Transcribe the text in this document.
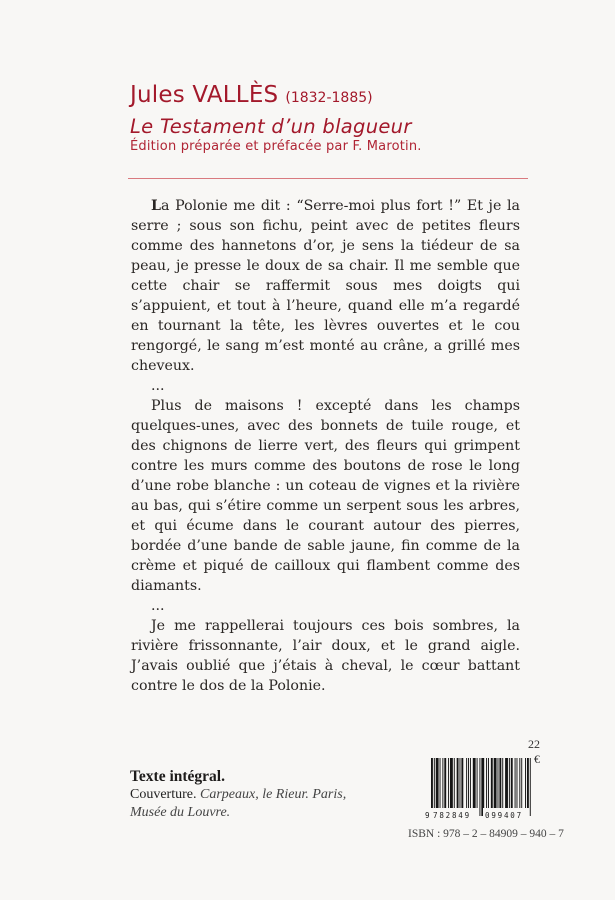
Jules VALLÈS (1832-1885)
Le Testament d’un blagueur
Édition préparée et préfacée par F. Marotin.

La Polonie me dit : “Serre-moi plus fort !” Et je la serre ; sous son fichu, peint avec de petites fleurs comme des hannetons d’or, je sens la tiédeur de sa peau, je presse le doux de sa chair. Il me semble que cette chair se raffermit sous mes doigts qui s’appuient, et tout à l’heure, quand elle m’a regardé en tournant la tête, les lèvres ouvertes et le cou rengorgé, le sang m’est monté au crâne, a grillé mes cheveux.

...

Plus de maisons ! excepté dans les champs quelques-unes, avec des bonnets de tuile rouge, et des chignons de lierre vert, des fleurs qui grimpent contre les murs comme des boutons de rose le long d’une robe blanche : un coteau de vignes et la rivière au bas, qui s’étire comme un serpent sous les arbres, et qui écume dans le courant autour des pierres, bordée d’une bande de sable jaune, fin comme de la crème et piqué de cailloux qui flambent comme des diamants.

...

Je me rappellerai toujours ces bois sombres, la rivière frissonnante, l’air doux, et le grand aigle. J’avais oublié que j’étais à cheval, le cœur battant contre le dos de la Polonie.

22 €
Texte intégral.
Couverture. Carpeaux, le Rieur. Paris,
Musée du Louvre.	9 782849 099407
ISBN : 978 – 2 – 84909 – 940 – 7
